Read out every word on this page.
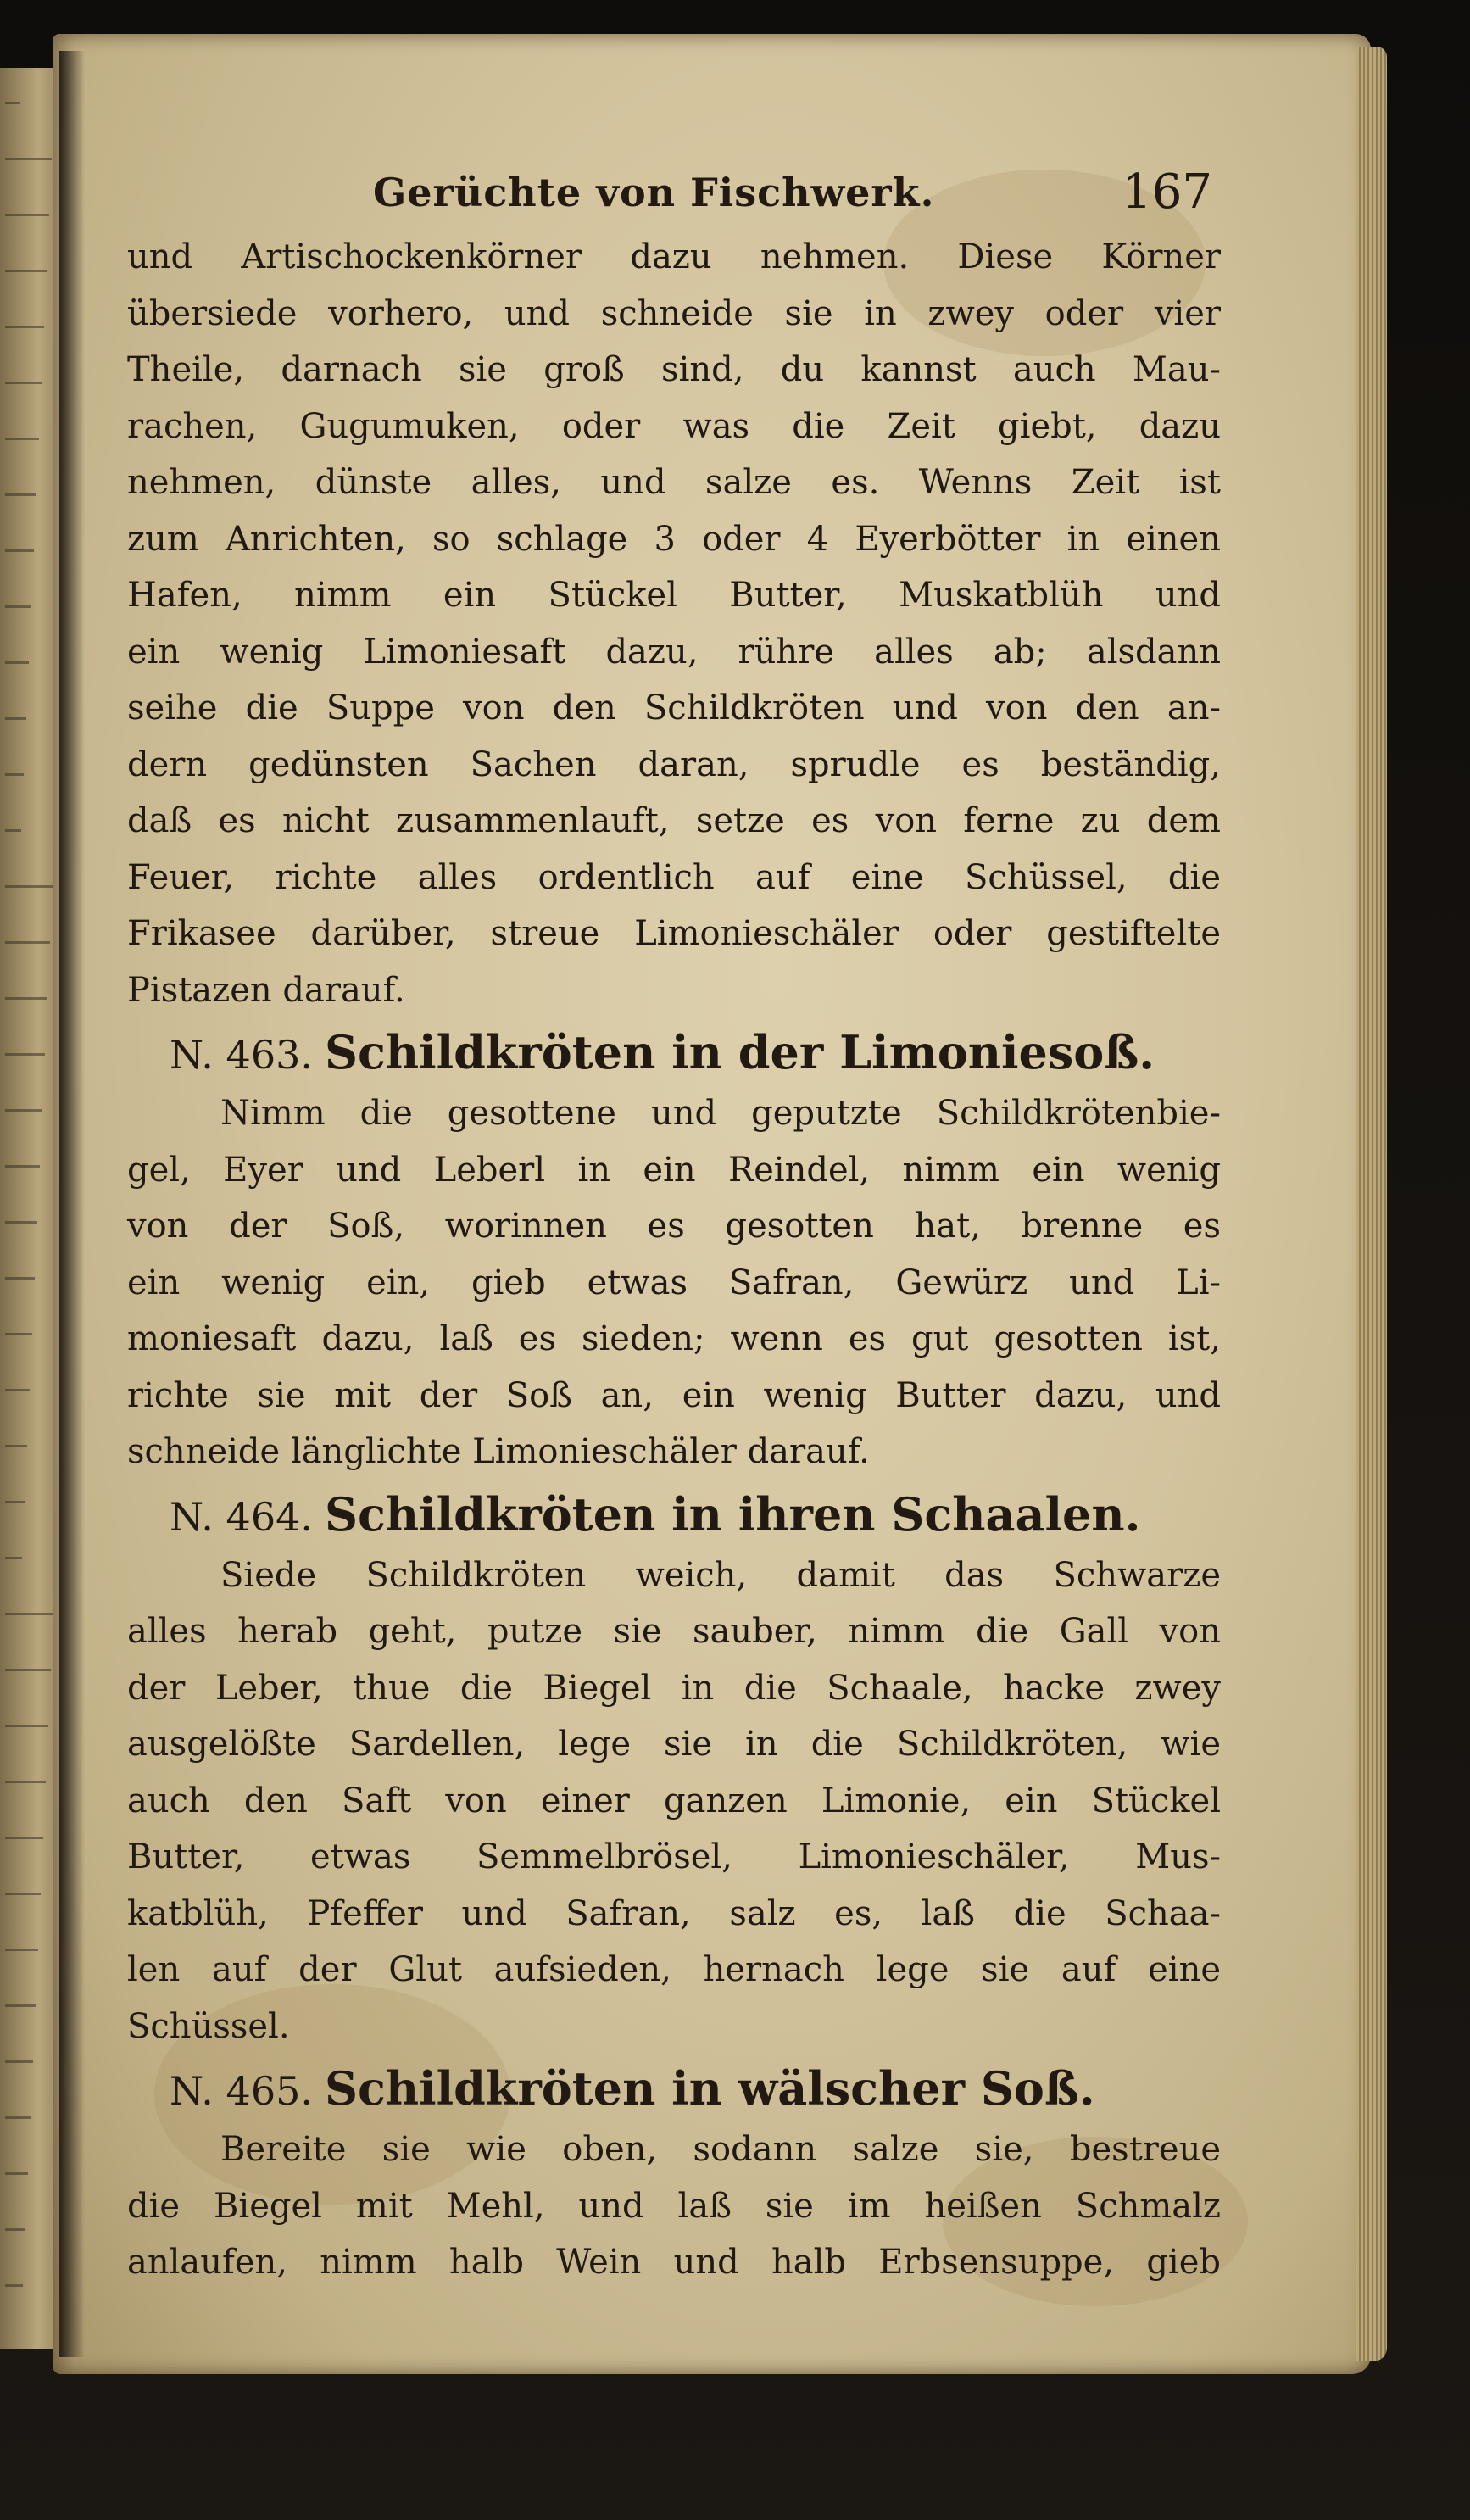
Gerüchte von Fischwerk.	167

und Artischockenkörner dazu nehmen. Diese Körner
übersiede vorhero, und schneide sie in zwey oder vier
Theile, darnach sie groß sind, du kannst auch Mau-
rachen, Gugumuken, oder was die Zeit giebt, dazu
nehmen, dünste alles, und salze es. Wenns Zeit ist
zum Anrichten, so schlage 3 oder 4 Eyerbötter in einen
Hafen, nimm ein Stückel Butter, Muskatblüh und
ein wenig Limoniesaft dazu, rühre alles ab; alsdann
seihe die Suppe von den Schildkröten und von den an-
dern gedünsten Sachen daran, sprudle es beständig,
daß es nicht zusammenlauft, setze es von ferne zu dem
Feuer, richte alles ordentlich auf eine Schüssel, die
Frikasee darüber, streue Limonieschäler oder gestiftelte
Pistazen darauf.

N. 463. Schildkröten in der Limoniesoß.

Nimm die gesottene und geputzte Schildkrötenbie-
gel, Eyer und Leberl in ein Reindel, nimm ein wenig
von der Soß, worinnen es gesotten hat, brenne es
ein wenig ein, gieb etwas Safran, Gewürz und Li-
moniesaft dazu, laß es sieden; wenn es gut gesotten ist,
richte sie mit der Soß an, ein wenig Butter dazu, und
schneide länglichte Limonieschäler darauf.

N. 464. Schildkröten in ihren Schaalen.

Siede Schildkröten weich, damit das Schwarze
alles herab geht, putze sie sauber, nimm die Gall von
der Leber, thue die Biegel in die Schaale, hacke zwey
ausgelößte Sardellen, lege sie in die Schildkröten, wie
auch den Saft von einer ganzen Limonie, ein Stückel
Butter, etwas Semmelbrösel, Limonieschäler, Mus-
katblüh, Pfeffer und Safran, salz es, laß die Schaa-
len auf der Glut aufsieden, hernach lege sie auf eine
Schüssel.

N. 465. Schildkröten in wälscher Soß.

Bereite sie wie oben, sodann salze sie, bestreue
die Biegel mit Mehl, und laß sie im heißen Schmalz
anlaufen, nimm halb Wein und halb Erbsensuppe, gieb
